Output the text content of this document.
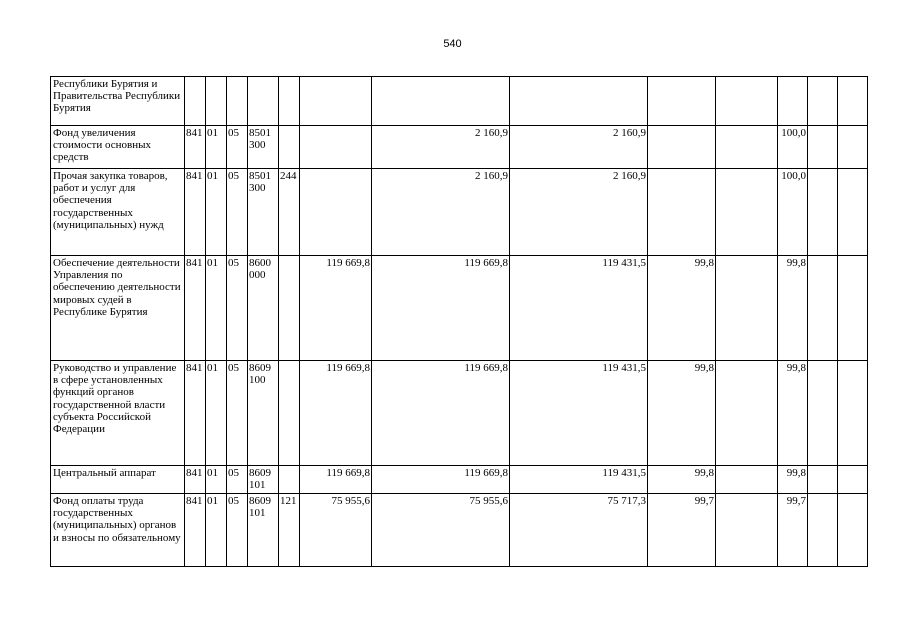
540
Республики Бурятия и Правительства Республики Бурятия													
Фонд увеличения стоимости основных средств	841	01	05	8501 300			2 160,9	2 160,9			100,0		
Прочая закупка товаров, работ и услуг для обеспечения государственных (муниципальных) нужд	841	01	05	8501 300	244		2 160,9	2 160,9			100,0		
Обеспечение деятельности Управления по обеспечению деятельности мировых судей в Республике Бурятия	841	01	05	8600 000		119 669,8	119 669,8	119 431,5	99,8		99,8		
Руководство и управление в сфере установленных функций органов государственной власти субъекта Российской Федерации	841	01	05	8609 100		119 669,8	119 669,8	119 431,5	99,8		99,8		
Центральный аппарат	841	01	05	8609 101		119 669,8	119 669,8	119 431,5	99,8		99,8		
Фонд оплаты труда государственных (муниципальных) органов и взносы по обязательному	841	01	05	8609 101	121	75 955,6	75 955,6	75 717,3	99,7		99,7		
